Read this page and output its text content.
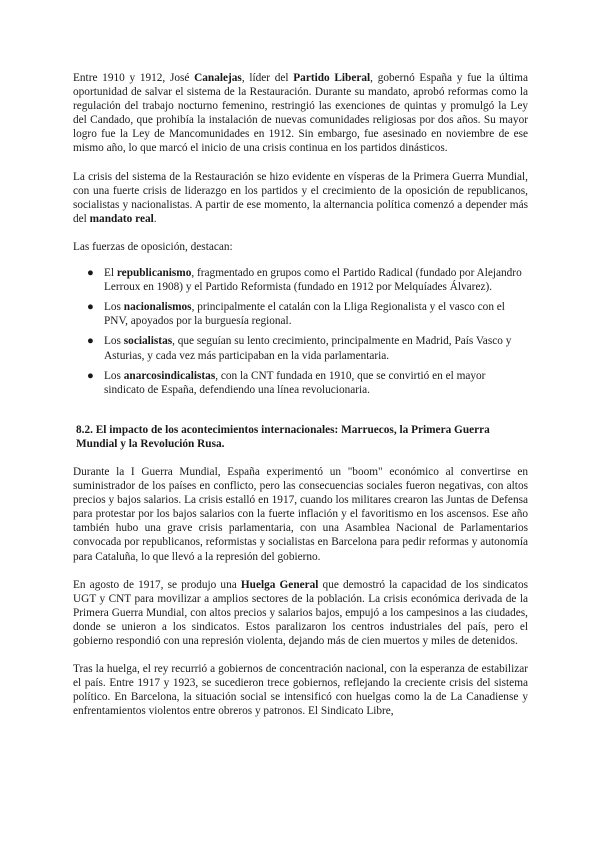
Entre 1910 y 1912, José Canalejas, líder del Partido Liberal, gobernó España y fue la última oportunidad de salvar el sistema de la Restauración. Durante su mandato, aprobó reformas como la regulación del trabajo nocturno femenino, restringió las exenciones de quintas y promulgó la Ley del Candado, que prohibía la instalación de nuevas comunidades religiosas por dos años. Su mayor logro fue la Ley de Mancomunidades en 1912. Sin embargo, fue asesinado en noviembre de ese mismo año, lo que marcó el inicio de una crisis continua en los partidos dinásticos.

La crisis del sistema de la Restauración se hizo evidente en vísperas de la Primera Guerra Mundial, con una fuerte crisis de liderazgo en los partidos y el crecimiento de la oposición de republicanos, socialistas y nacionalistas. A partir de ese momento, la alternancia política comenzó a depender más del mandato real.

Las fuerzas de oposición, destacan:

● El republicanismo, fragmentado en grupos como el Partido Radical (fundado por Alejandro Lerroux en 1908) y el Partido Reformista (fundado en 1912 por Melquíades Álvarez).
● Los nacionalismos, principalmente el catalán con la Lliga Regionalista y el vasco con el PNV, apoyados por la burguesía regional.
● Los socialistas, que seguían su lento crecimiento, principalmente en Madrid, País Vasco y Asturias, y cada vez más participaban en la vida parlamentaria.
● Los anarcosindicalistas, con la CNT fundada en 1910, que se convirtió en el mayor sindicato de España, defendiendo una línea revolucionaria.

8.2. El impacto de los acontecimientos internacionales: Marruecos, la Primera Guerra Mundial y la Revolución Rusa.

Durante la I Guerra Mundial, España experimentó un "boom" económico al convertirse en suministrador de los países en conflicto, pero las consecuencias sociales fueron negativas, con altos precios y bajos salarios. La crisis estalló en 1917, cuando los militares crearon las Juntas de Defensa para protestar por los bajos salarios con la fuerte inflación y el favoritismo en los ascensos. Ese año también hubo una grave crisis parlamentaria, con una Asamblea Nacional de Parlamentarios convocada por republicanos, reformistas y socialistas en Barcelona para pedir reformas y autonomía para Cataluña, lo que llevó a la represión del gobierno.

En agosto de 1917, se produjo una Huelga General que demostró la capacidad de los sindicatos UGT y CNT para movilizar a amplios sectores de la población. La crisis económica derivada de la Primera Guerra Mundial, con altos precios y salarios bajos, empujó a los campesinos a las ciudades, donde se unieron a los sindicatos. Estos paralizaron los centros industriales del país, pero el gobierno respondió con una represión violenta, dejando más de cien muertos y miles de detenidos.

Tras la huelga, el rey recurrió a gobiernos de concentración nacional, con la esperanza de estabilizar el país. Entre 1917 y 1923, se sucedieron trece gobiernos, reflejando la creciente crisis del sistema político. En Barcelona, la situación social se intensificó con huelgas como la de La Canadiense y enfrentamientos violentos entre obreros y patronos. El Sindicato Libre,
